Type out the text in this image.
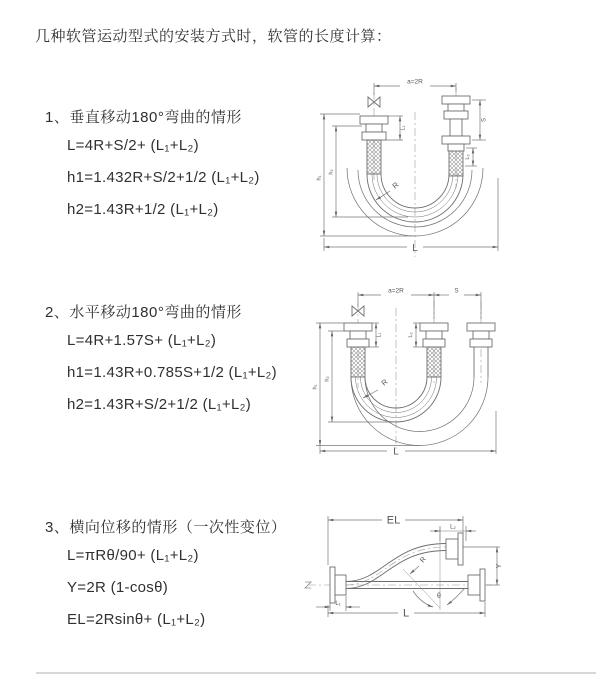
几种软管运动型式的安装方式时，软管的长度计算：
1、垂直移动180°弯曲的情形
L=4R+S/2+ (L₁+L₂)
h1=1.432R+S/2+1/2 (L₁+L₂)
h2=1.43R+1/2 (L₁+L₂)
2、水平移动180°弯曲的情形
L=4R+1.57S+ (L₁+L₂)
h1=1.43R+0.785S+1/2 (L₁+L₂)
h2=1.43R+S/2+1/2 (L₁+L₂)
3、横向位移的情形（一次性变位）
L=πRθ/90+ (L₁+L₂)
Y=2R (1-cosθ)
EL=2Rsinθ+ (L₁+L₂)
a=2R
L₁
S
L₂
h₁
h₂
R
L
a=2R	S
L₁	L₂
h₁
h₂	R
L
EL
L₂
Y
R
θ
L₁
L
